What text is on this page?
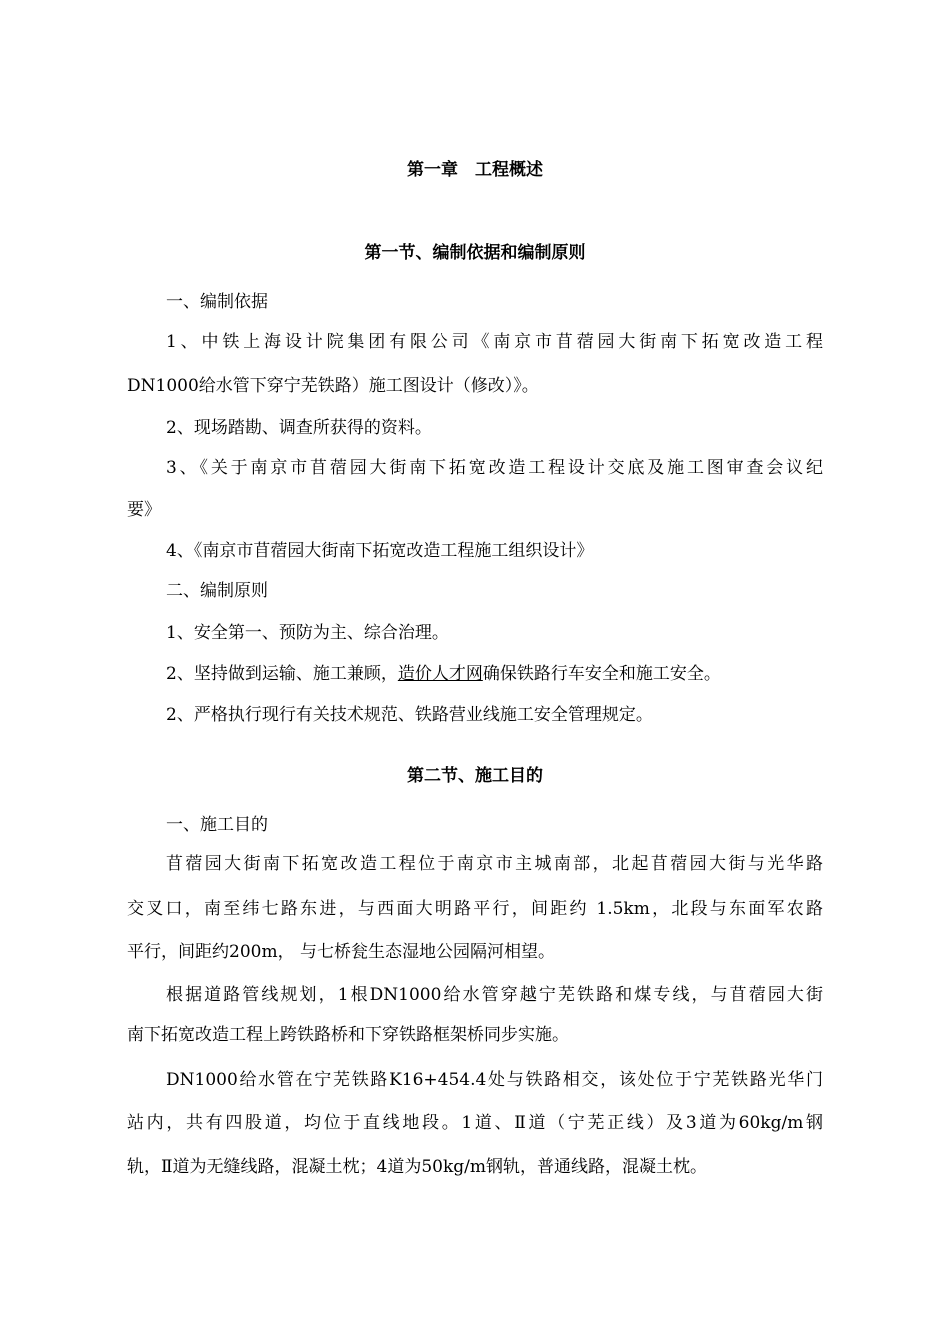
第一章　工程概述
第一节、编制依据和编制原则

一、编制依据

1、中铁上海设计院集团有限公司《南京市苜蓿园大街南下拓宽改造工程

DN1000给水管下穿宁芜铁路）施工图设计（修改）》。

2、现场踏勘、调查所获得的资料。

3、《关于南京市苜蓿园大街南下拓宽改造工程设计交底及施工图审查会议纪

要》

4、《南京市苜蓿园大街南下拓宽改造工程施工组织设计》

二、编制原则

1、安全第一、预防为主、综合治理。

2、坚持做到运输、施工兼顾，造价人才网确保铁路行车安全和施工安全。

2、严格执行现行有关技术规范、铁路营业线施工安全管理规定。

第二节、施工目的

一、施工目的

苜蓿园大街南下拓宽改造工程位于南京市主城南部，北起苜蓿园大街与光华路

交叉口，南至纬七路东进，与西面大明路平行，间距约 1.5km，北段与东面军农路

平行，间距约200m， 与七桥瓮生态湿地公园隔河相望。

根据道路管线规划，1根DN1000给水管穿越宁芜铁路和煤专线，与苜蓿园大街

南下拓宽改造工程上跨铁路桥和下穿铁路框架桥同步实施。

DN1000给水管在宁芜铁路K16+454.4处与铁路相交，该处位于宁芜铁路光华门

站内，共有四股道，均位于直线地段。1道、Ⅱ道（宁芜正线）及3道为60kg/m钢

轨，Ⅱ道为无缝线路，混凝土枕；4道为50kg/m钢轨，普通线路，混凝土枕。
